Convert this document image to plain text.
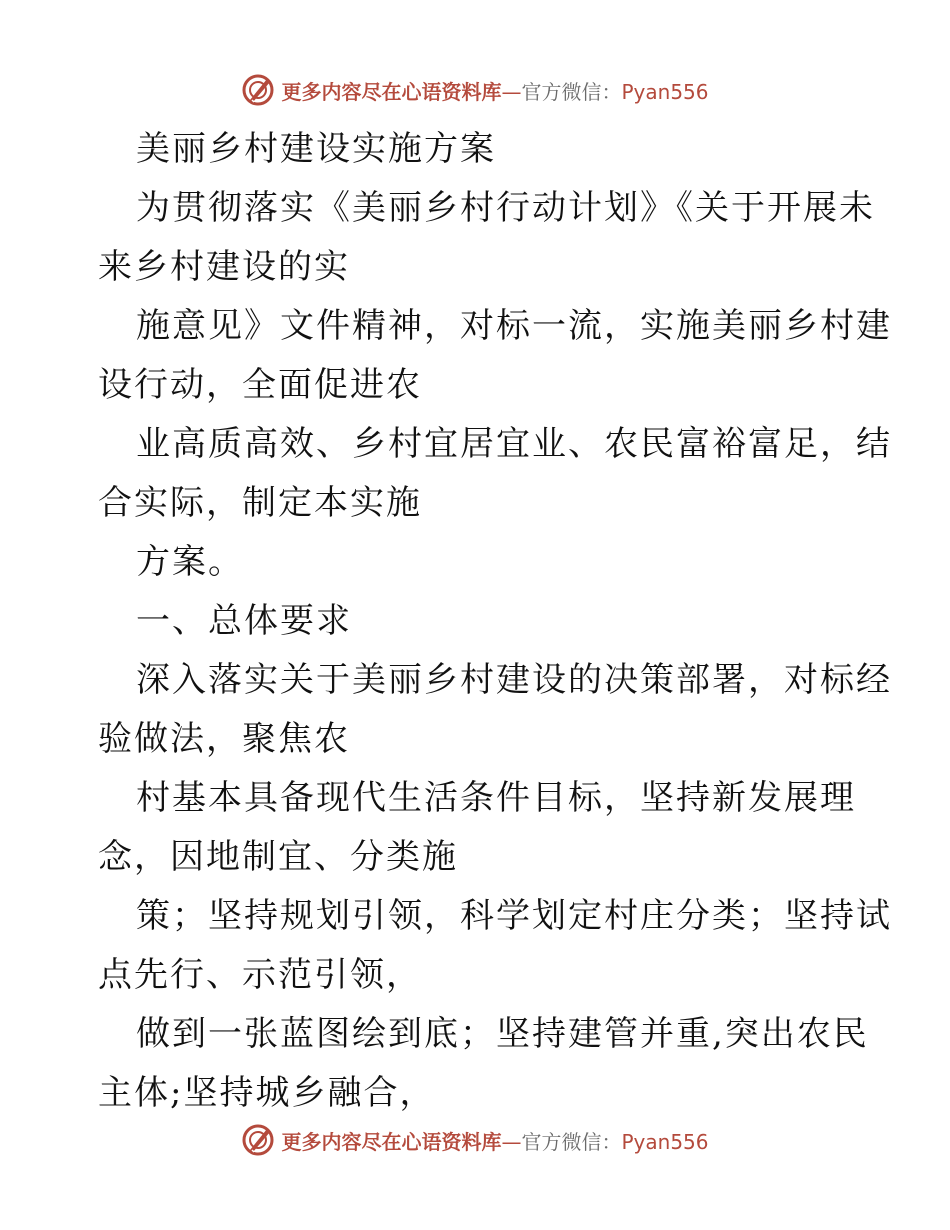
更多内容尽在心语资料库—官方微信：Pyan556
美丽乡村建设实施方案
为贯彻落实《美丽乡村行动计划》《关于开展未
来乡村建设的实
施意见》文件精神，对标一流，实施美丽乡村建
设行动，全面促进农
业高质高效、乡村宜居宜业、农民富裕富足，结
合实际，制定本实施
方案。
一、总体要求
深入落实关于美丽乡村建设的决策部署，对标经
验做法，聚焦农
村基本具备现代生活条件目标，坚持新发展理
念，因地制宜、分类施
策；坚持规划引领，科学划定村庄分类；坚持试
点先行、示范引领，
做到一张蓝图绘到底；坚持建管并重,突出农民
主体;坚持城乡融合，
更多内容尽在心语资料库—官方微信：Pyan556
